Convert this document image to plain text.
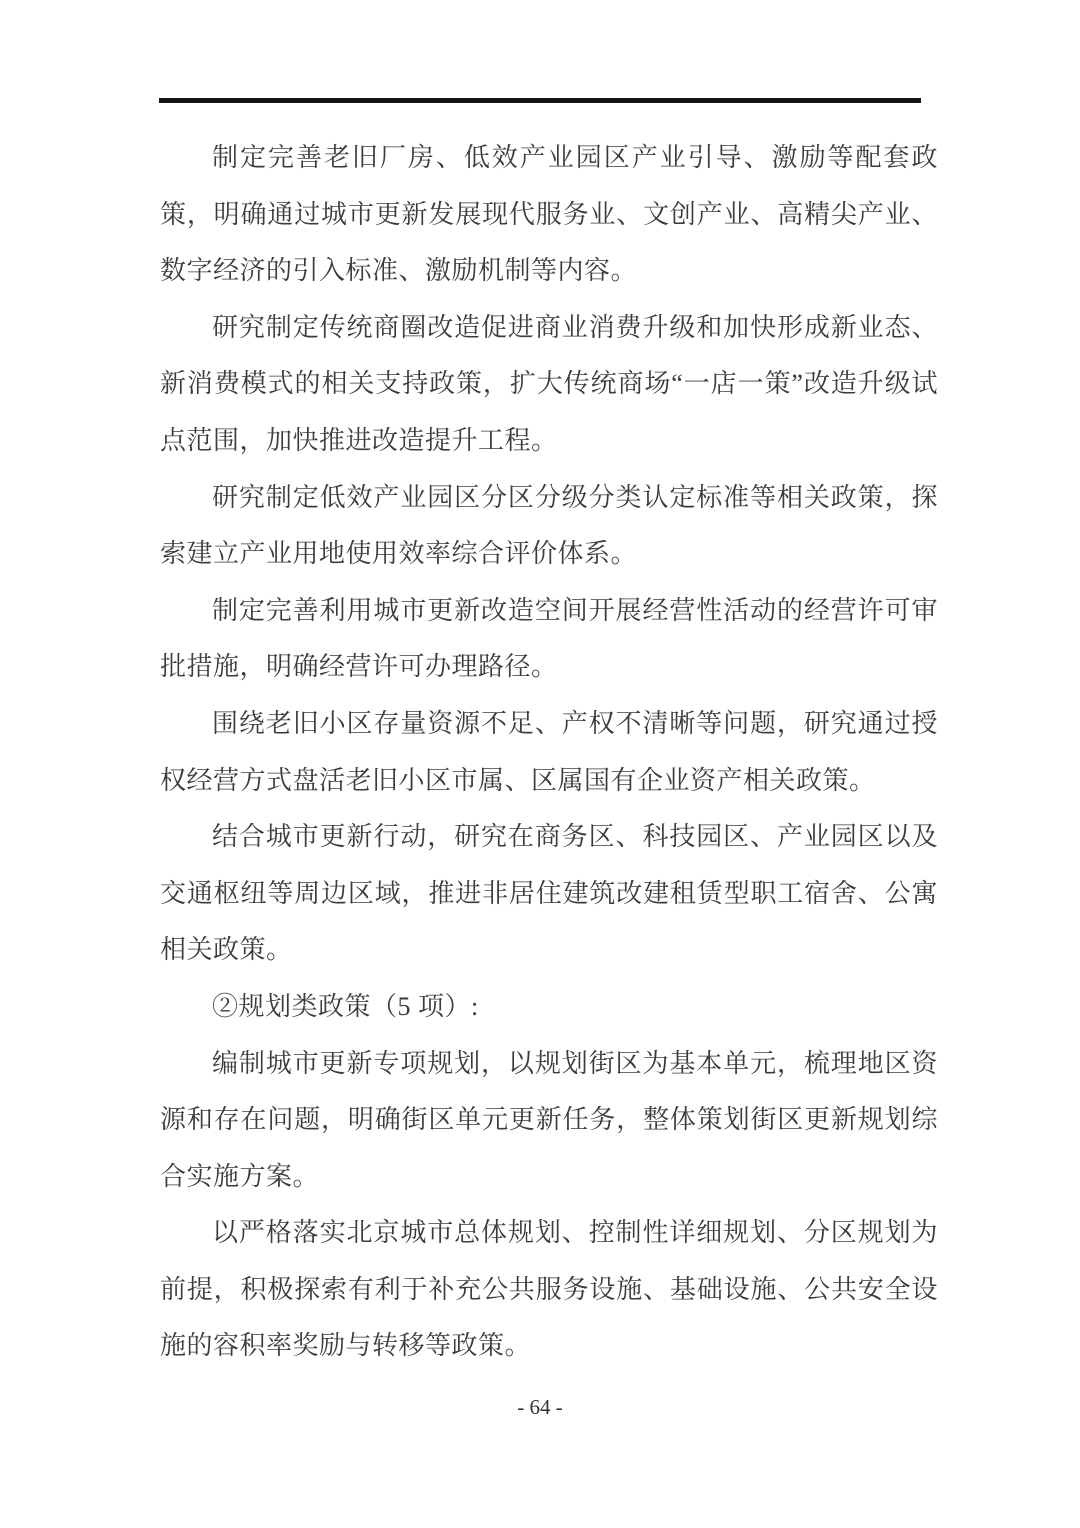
制定完善老旧厂房、低效产业园区产业引导、激励等配套政策，明确通过城市更新发展现代服务业、文创产业、高精尖产业、数字经济的引入标准、激励机制等内容。

研究制定传统商圈改造促进商业消费升级和加快形成新业态、新消费模式的相关支持政策，扩大传统商场“一店一策”改造升级试点范围，加快推进改造提升工程。

研究制定低效产业园区分区分级分类认定标准等相关政策，探索建立产业用地使用效率综合评价体系。

制定完善利用城市更新改造空间开展经营性活动的经营许可审批措施，明确经营许可办理路径。

围绕老旧小区存量资源不足、产权不清晰等问题，研究通过授权经营方式盘活老旧小区市属、区属国有企业资产相关政策。

结合城市更新行动，研究在商务区、科技园区、产业园区以及交通枢纽等周边区域，推进非居住建筑改建租赁型职工宿舍、公寓相关政策。

②规划类政策（5 项）:

编制城市更新专项规划，以规划街区为基本单元，梳理地区资源和存在问题，明确街区单元更新任务，整体策划街区更新规划综合实施方案。

以严格落实北京城市总体规划、控制性详细规划、分区规划为前提，积极探索有利于补充公共服务设施、基础设施、公共安全设施的容积率奖励与转移等政策。

- 64 -
